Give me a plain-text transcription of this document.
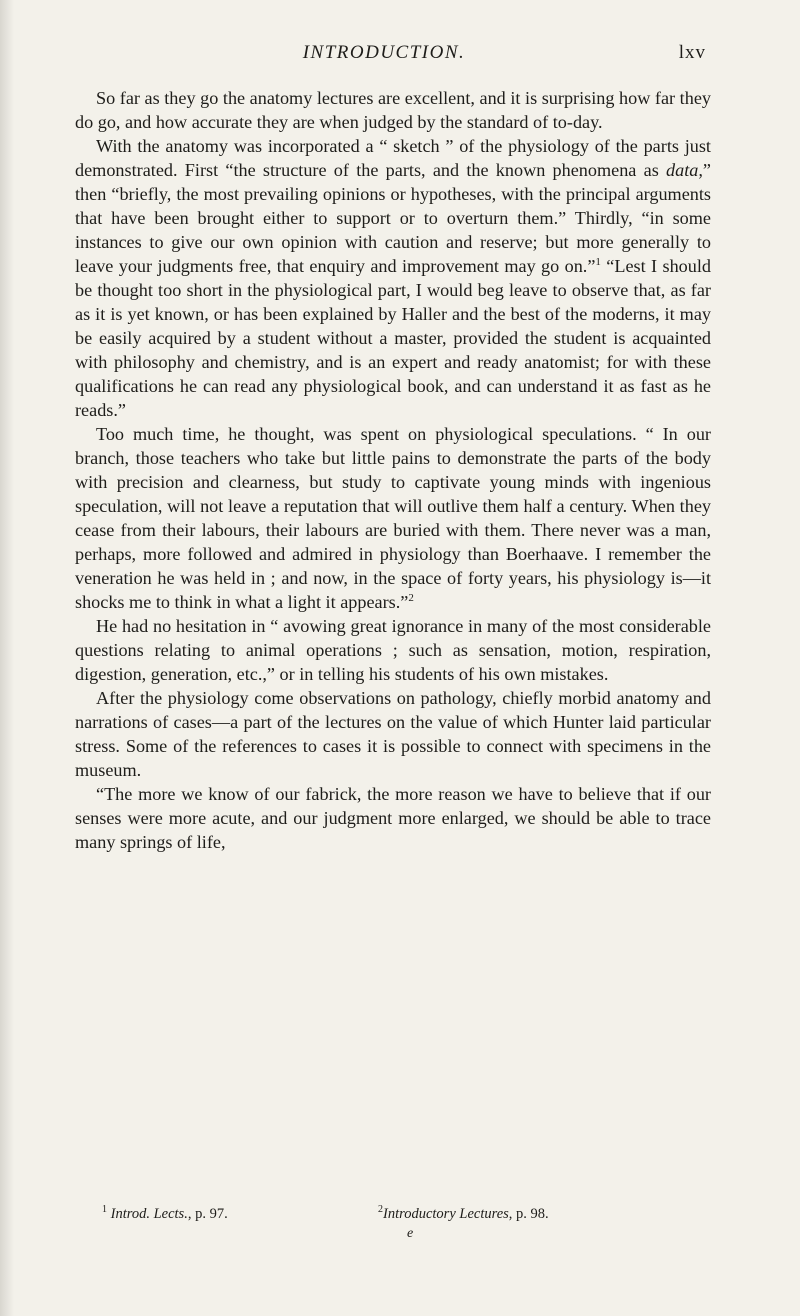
INTRODUCTION.	lxv

So far as they go the anatomy lectures are excellent, and it is surprising how far they do go, and how accurate they are when judged by the standard of to-day.

With the anatomy was incorporated a “ sketch ” of the physiology of the parts just demonstrated. First “the structure of the parts, and the known phenomena as data,” then “briefly, the most prevailing opinions or hypotheses, with the principal arguments that have been brought either to support or to overturn them.” Thirdly, “in some instances to give our own opinion with caution and reserve; but more generally to leave your judgments free, that enquiry and improvement may go on.”$^1$ “Lest I should be thought too short in the physiological part, I would beg leave to observe that, as far as it is yet known, or has been explained by Haller and the best of the moderns, it may be easily acquired by a student without a master, provided the student is acquainted with philosophy and chemistry, and is an expert and ready anatomist; for with these qualifications he can read any physiological book, and can understand it as fast as he reads.”

Too much time, he thought, was spent on physiological speculations. “ In our branch, those teachers who take but little pains to demonstrate the parts of the body with precision and clearness, but study to captivate young minds with ingenious speculation, will not leave a reputation that will outlive them half a century. When they cease from their labours, their labours are buried with them. There never was a man, perhaps, more followed and admired in physiology than Boerhaave. I remember the veneration he was held in ; and now, in the space of forty years, his physiology is—it shocks me to think in what a light it appears.”$^2$

He had no hesitation in “ avowing great ignorance in many of the most considerable questions relating to animal operations ; such as sensation, motion, respiration, digestion, generation, etc.,” or in telling his students of his own mistakes.

After the physiology come observations on pathology, chiefly morbid anatomy and narrations of cases—a part of the lectures on the value of which Hunter laid particular stress. Some of the references to cases it is possible to connect with specimens in the museum.

“The more we know of our fabrick, the more reason we have to believe that if our senses were more acute, and our judgment more enlarged, we should be able to trace many springs of life,

$^1$ Introd. Lects., p. 97.	$^2$Introductory Lectures, p. 98.
e
